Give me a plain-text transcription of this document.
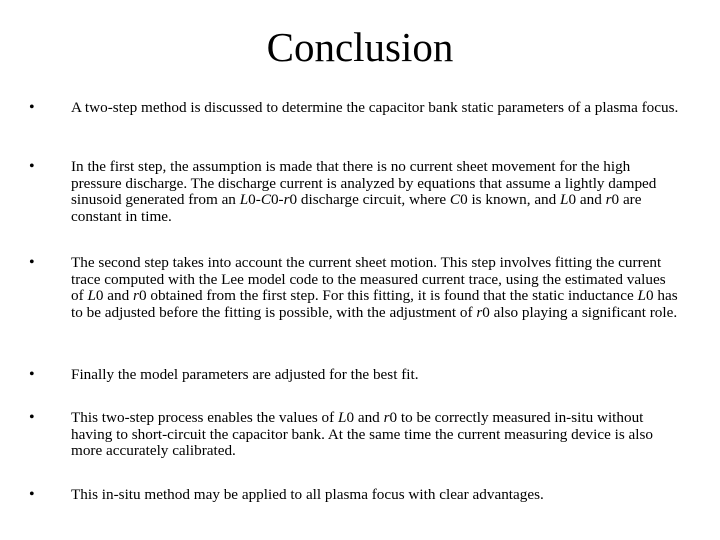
Conclusion
• A two-step method is discussed to determine the capacitor bank static parameters of a plasma focus.

• In the first step, the assumption is made that there is no current sheet movement for the high pressure discharge. The discharge current is analyzed by equations that assume a lightly damped sinusoid generated from an L0-C0-r0 discharge circuit, where C0 is known, and L0 and r0 are constant in time.

• The second step takes into account the current sheet motion. This step involves fitting the current trace computed with the Lee model code to the measured current trace, using the estimated values of L0 and r0 obtained from the first step. For this fitting, it is found that the static inductance L0 has to be adjusted before the fitting is possible, with the adjustment of r0 also playing a significant role.

• Finally the model parameters are adjusted for the best fit.

• This two-step process enables the values of L0 and r0 to be correctly measured in-situ without having to short-circuit the capacitor bank. At the same time the current measuring device is also more accurately calibrated.

• This in-situ method may be applied to all plasma focus with clear advantages.
